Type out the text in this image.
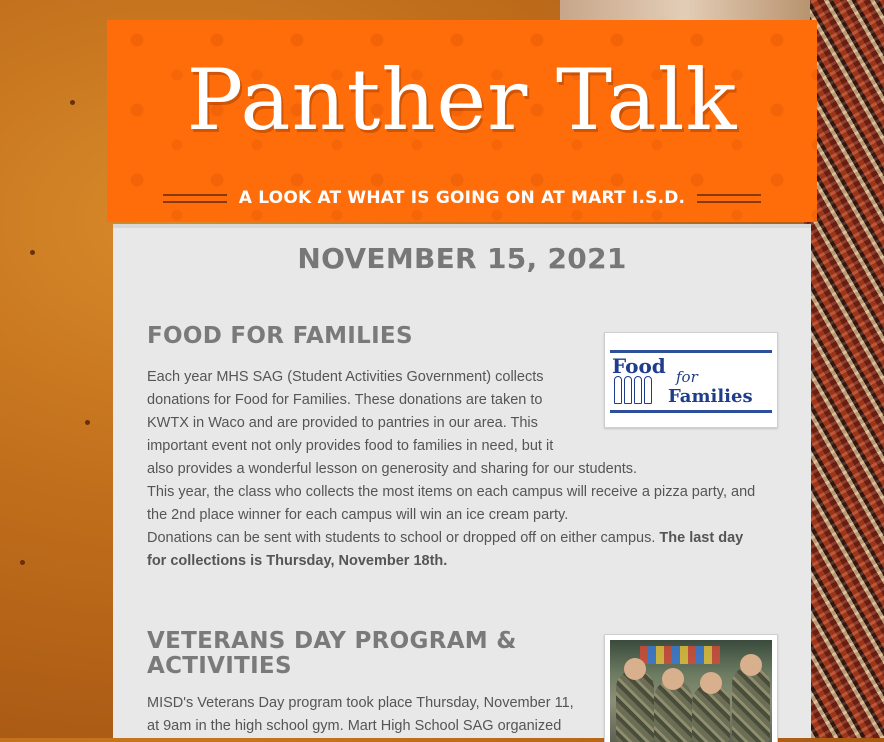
Panther Talk
A LOOK AT WHAT IS GOING ON AT MART I.S.D.
NOVEMBER 15, 2021
FOOD FOR FAMILIES
Food for
Families
Each year MHS SAG (Student Activities Government) collects
donations for Food for Families. These donations are taken to
KWTX in Waco and are provided to pantries in our area. This
important event not only provides food to families in need, but it
also provides a wonderful lesson on generosity and sharing for our students.
This year, the class who collects the most items on each campus will receive a pizza party, and
the 2nd place winner for each campus will win an ice cream party.
Donations can be sent with students to school or dropped off on either campus. The last day
for collections is Thursday, November 18th.
VETERANS DAY PROGRAM &
ACTIVITIES
MISD's Veterans Day program took place Thursday, November 11,
at 9am in the high school gym. Mart High School SAG organized
